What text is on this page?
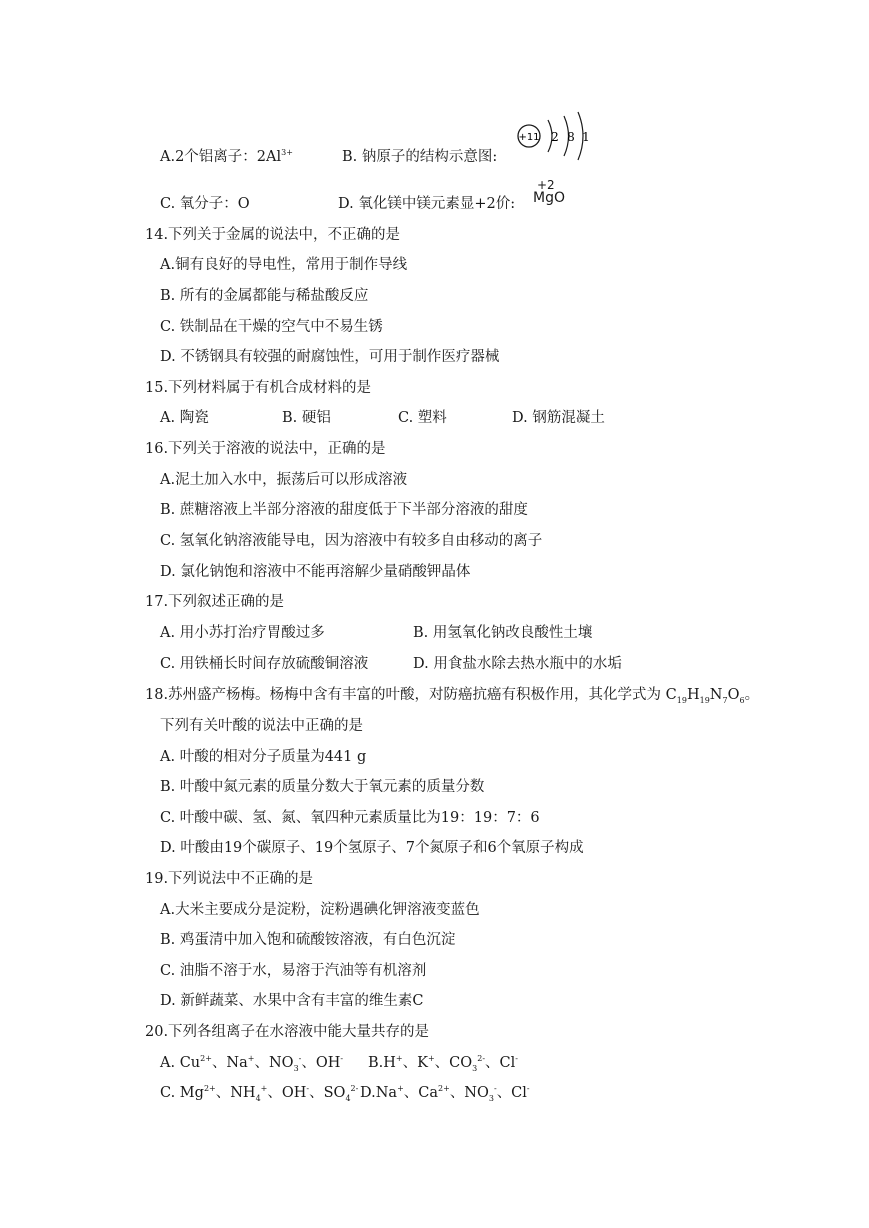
A.2个铝离子：$2Al^{3+}$	B. 钠原子的结构示意图:
+11 2 8 1
C. 氧分子：O	D. 氧化镁中镁元素显+2价:
+2
MgO
14.下列关于金属的说法中，不正确的是
A.铜有良好的导电性，常用于制作导线
B. 所有的金属都能与稀盐酸反应
C. 铁制品在干燥的空气中不易生锈
D. 不锈钢具有较强的耐腐蚀性，可用于制作医疗器械
15.下列材料属于有机合成材料的是
A. 陶瓷	B. 硬铝	C. 塑料	D. 钢筋混凝土
16.下列关于溶液的说法中，正确的是
A.泥土加入水中，振荡后可以形成溶液
B. 蔗糖溶液上半部分溶液的甜度低于下半部分溶液的甜度
C. 氢氧化钠溶液能导电，因为溶液中有较多自由移动的离子
D. 氯化钠饱和溶液中不能再溶解少量硝酸钾晶体
17.下列叙述正确的是
A. 用小苏打治疗胃酸过多	B. 用氢氧化钠改良酸性土壤
C. 用铁桶长时间存放硫酸铜溶液	D. 用食盐水除去热水瓶中的水垢
18.苏州盛产杨梅。杨梅中含有丰富的叶酸，对防癌抗癌有积极作用，其化学式为 $C_{19}H_{19}N_7O_6$。
下列有关叶酸的说法中正确的是
A. 叶酸的相对分子质量为441 g
B. 叶酸中氮元素的质量分数大于氧元素的质量分数
C. 叶酸中碳、氢、氮、氧四种元素质量比为19：19：7：6
D. 叶酸由19个碳原子、19个氢原子、7个氮原子和6个氧原子构成
19.下列说法中不正确的是
A.大米主要成分是淀粉，淀粉遇碘化钾溶液变蓝色
B. 鸡蛋清中加入饱和硫酸铵溶液，有白色沉淀
C. 油脂不溶于水，易溶于汽油等有机溶剂
D. 新鲜蔬菜、水果中含有丰富的维生素C
20.下列各组离子在水溶液中能大量共存的是
A. $Cu^{2+}$、Na+、$NO_3^-$、OH- B.H+、K+、$CO_3^{2-}$、Cl-
C. $Mg^{2+}$、$NH_4^+$、OH-、$SO_4^{2-}$ D.Na+、$Ca^{2+}$、$NO_3^-$、Cl-
